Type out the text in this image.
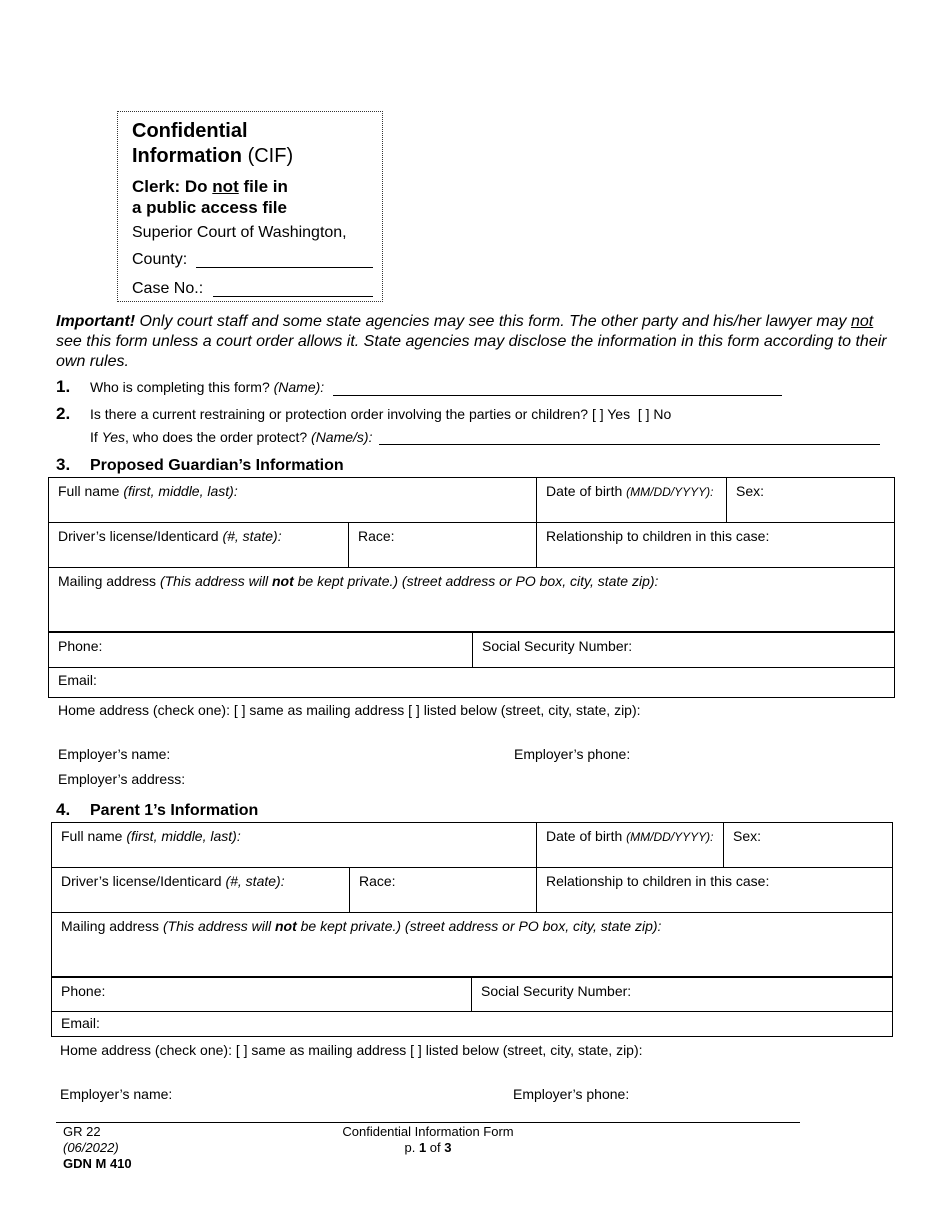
Confidential
Information (CIF)
Clerk: Do not file in
a public access file
Superior Court of Washington,
County:
Case No.:
Important! Only court staff and some state agencies may see this form. The other party and his/her lawyer may not see this form unless a court order allows it. State agencies may disclose the information in this form according to their own rules.
1. Who is completing this form? (Name):
2. Is there a current restraining or protection order involving the parties or children? [ ] Yes [ ] No
If Yes, who does the order protect? (Name/s):
3. Proposed Guardian’s Information
Full name (first, middle, last):		Date of birth (MM/DD/YYYY):	Sex:
Driver’s license/Identicard (#, state):	Race:	Relationship to children in this case:	
Mailing address (This address will not be kept private.) (street address or PO box, city, state zip):			
Phone:	Social Security Number:
Email:
Home address (check one): [ ] same as mailing address [ ] listed below (street, city, state, zip):
Employer’s name:	Employer’s phone:
Employer’s address:
4. Parent 1’s Information
Full name (first, middle, last):		Date of birth (MM/DD/YYYY):	Sex:
Driver’s license/Identicard (#, state):	Race:	Relationship to children in this case:	
Mailing address (This address will not be kept private.) (street address or PO box, city, state zip):			
Phone:	Social Security Number:
Email:
Home address (check one): [ ] same as mailing address [ ] listed below (street, city, state, zip):
Employer’s name:	Employer’s phone:
GR 22
(06/2022)
GDN M 410
Confidential Information Form
p. 1 of 3
